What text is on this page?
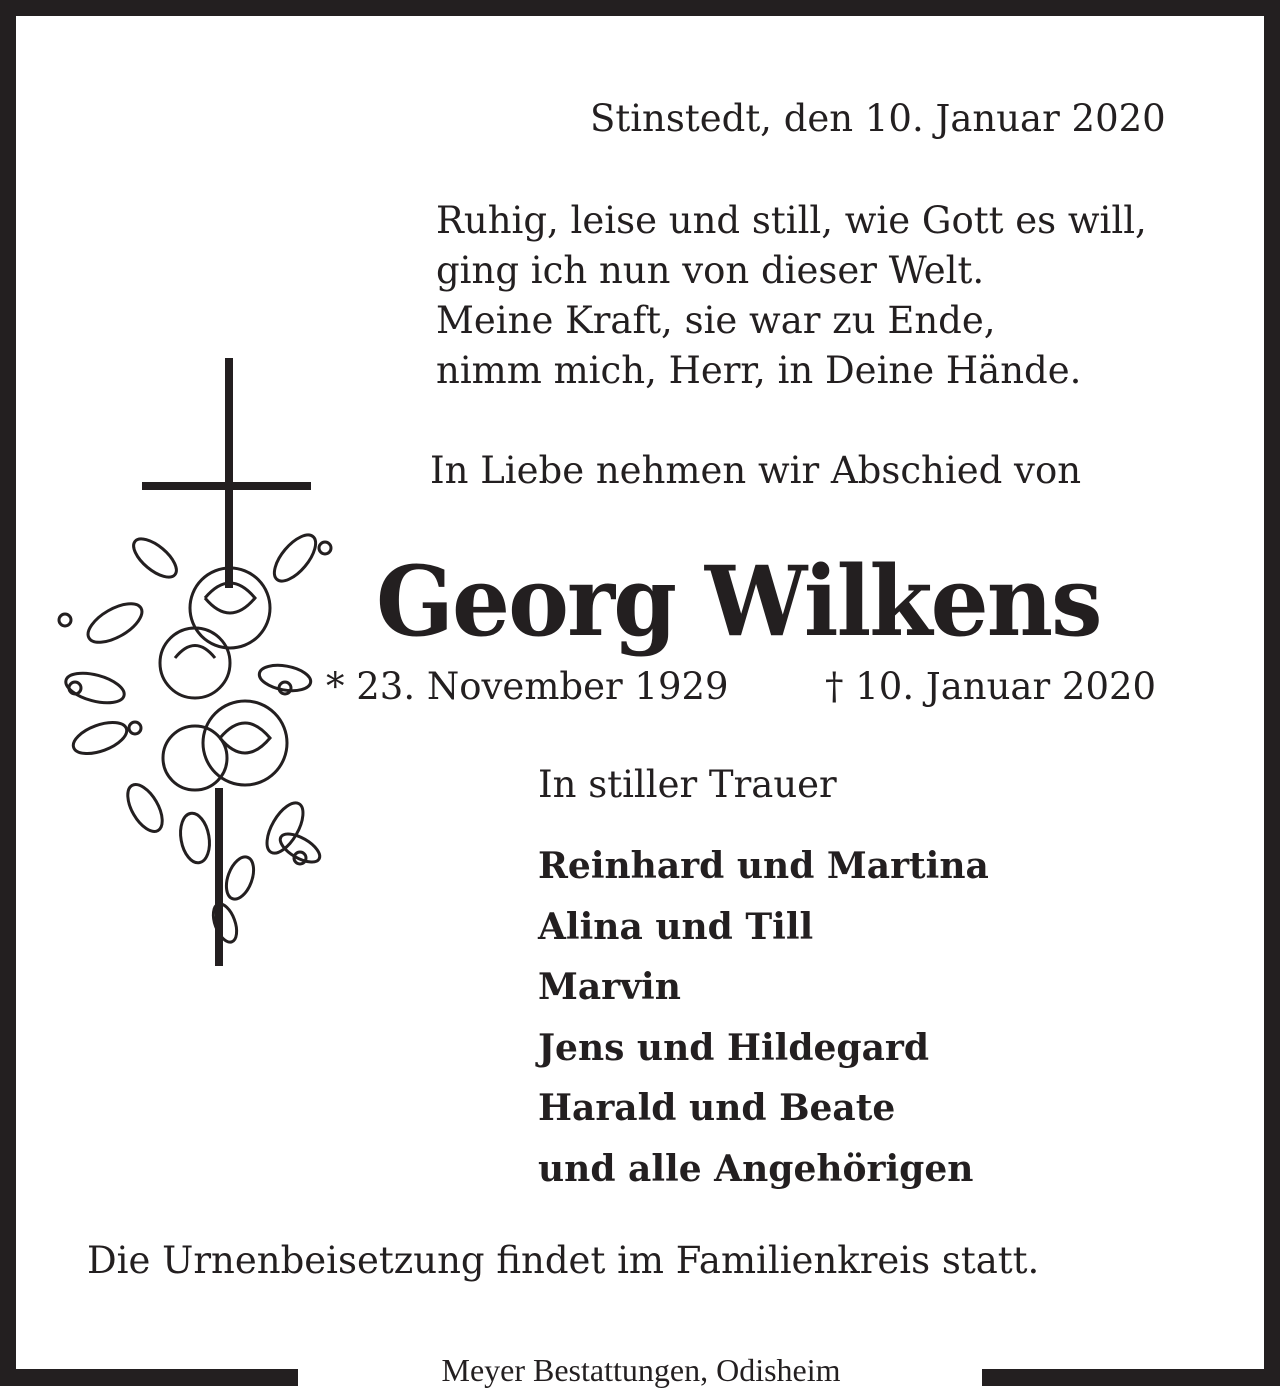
Stinstedt, den 10. Januar 2020
Ruhig, leise und still, wie Gott es will,
ging ich nun von dieser Welt.
Meine Kraft, sie war zu Ende,
nimm mich, Herr, in Deine Hände.
In Liebe nehmen wir Abschied von
Georg Wilkens
* 23. November 1929	† 10. Januar 2020
In stiller Trauer
Reinhard und Martina
Alina und Till
Marvin
Jens und Hildegard
Harald und Beate
und alle Angehörigen
Die Urnenbeisetzung findet im Familienkreis statt.
Meyer Bestattungen, Odisheim
